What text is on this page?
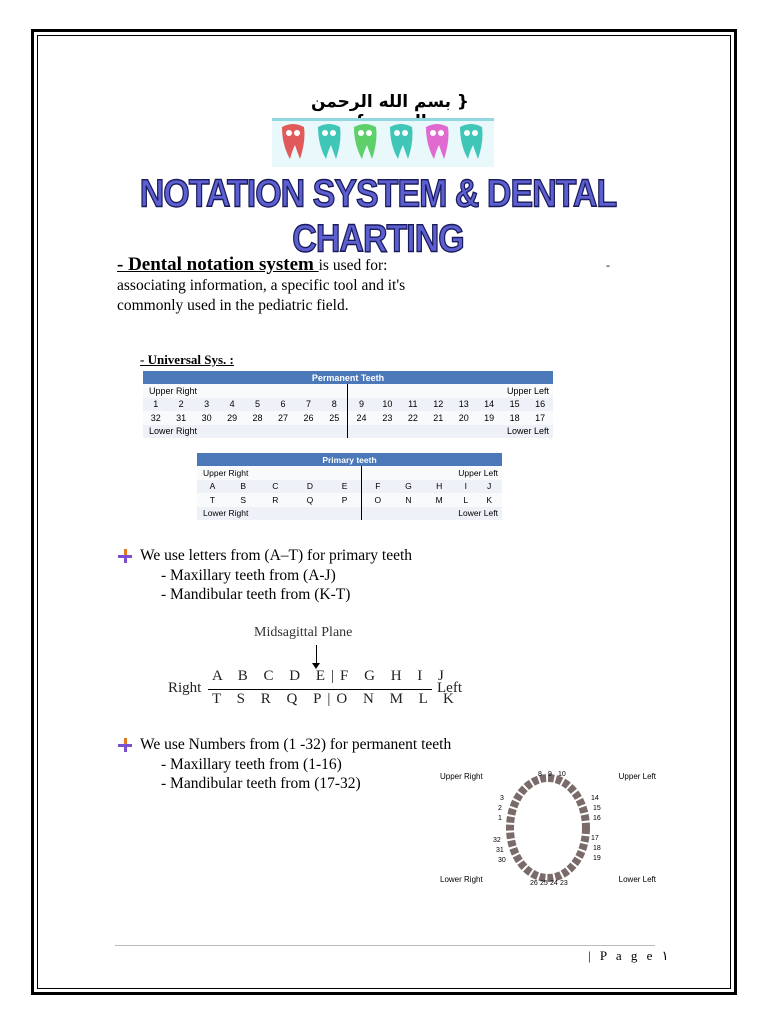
{ بسم الله الرحمن
NOTATION SYSTEM & DENTAL CHARTING
- Dental notation system is used for: associating information, a specific tool and it's commonly used in the pediatric field.
-
- Universal Sys. :
Permanent Teeth															
Upper Right								Upper Left							
1	2	3	4	5	6	7	8	9	10	11	12	13	14	15	16
32	31	30	29	28	27	26	25	24	23	22	21	20	19	18	17
Lower Right								Lower Left							
Primary teeth									
Upper Right					Upper Left				
A	B	C	D	E	F	G	H	I	J
T	S	R	Q	P	O	N	M	L	K
Lower Right					Lower Left				
We use letters from (A–T) for primary teeth
- Maxillary teeth from (A-J)
- Mandibular teeth from (K-T)
Midsagittal Plane
Right
A B C D E|F G H I J
T S R Q P|O N M L K
Left
We use Numbers from (1 -32) for permanent teeth
- Maxillary teeth from (1-16)
- Mandibular teeth from (17-32)	Upper Right	Upper Left
Lower Right	Lower Left
3
2
1
14
15
16
32
31
30
17
18
19
26 25 24 23
8 9 10
| P a g e ١
